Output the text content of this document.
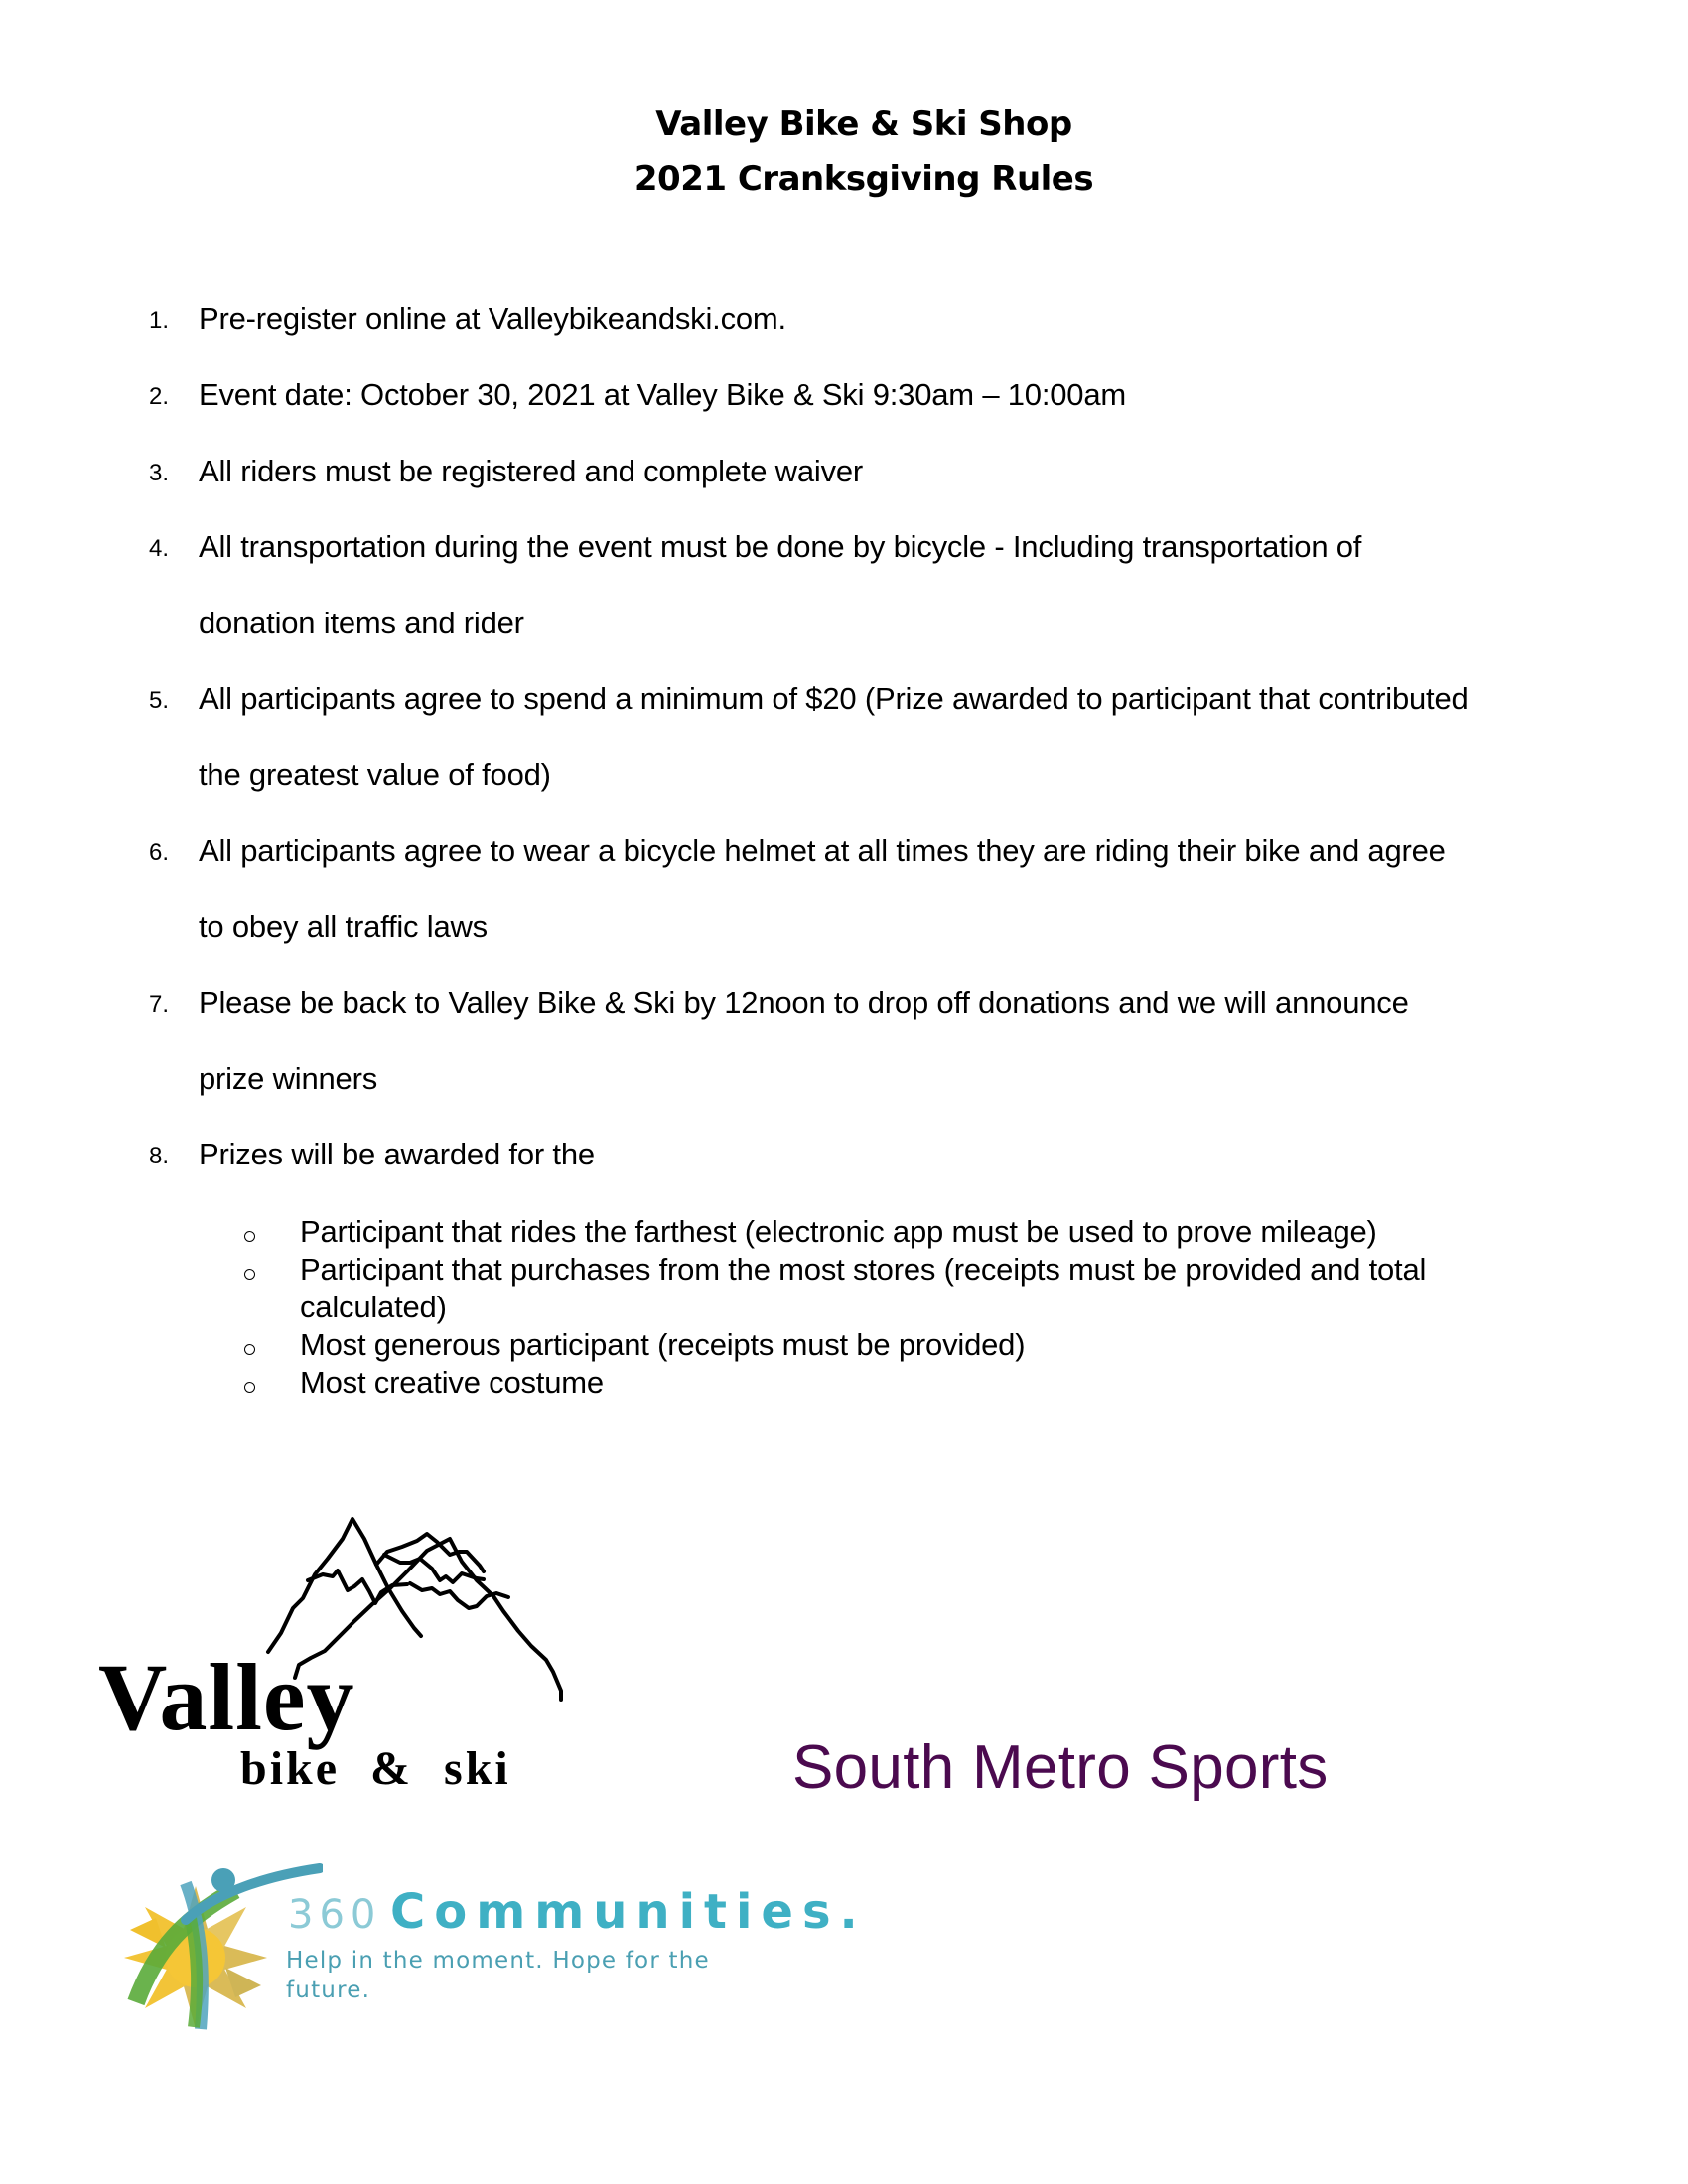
Valley Bike & Ski Shop
2021 Cranksgiving Rules
1. Pre-register online at Valleybikeandski.com.
2. Event date: October 30, 2021 at Valley Bike & Ski 9:30am – 10:00am
3. All riders must be registered and complete waiver
4. All transportation during the event must be done by bicycle - Including transportation of
donation items and rider
5. All participants agree to spend a minimum of $20 (Prize awarded to participant that contributed
the greatest value of food)
6. All participants agree to wear a bicycle helmet at all times they are riding their bike and agree
to obey all traffic laws
7. Please be back to Valley Bike & Ski by 12noon to drop off donations and we will announce
prize winners
8. Prizes will be awarded for the
Participant that rides the farthest (electronic app must be used to prove mileage)
Participant that purchases from the most stores (receipts must be provided and total
calculated)
Most generous participant (receipts must be provided)
Most creative costume
Valley
bike & ski	South Metro Sports
360 Communities.
Help in the moment. Hope for the future.
